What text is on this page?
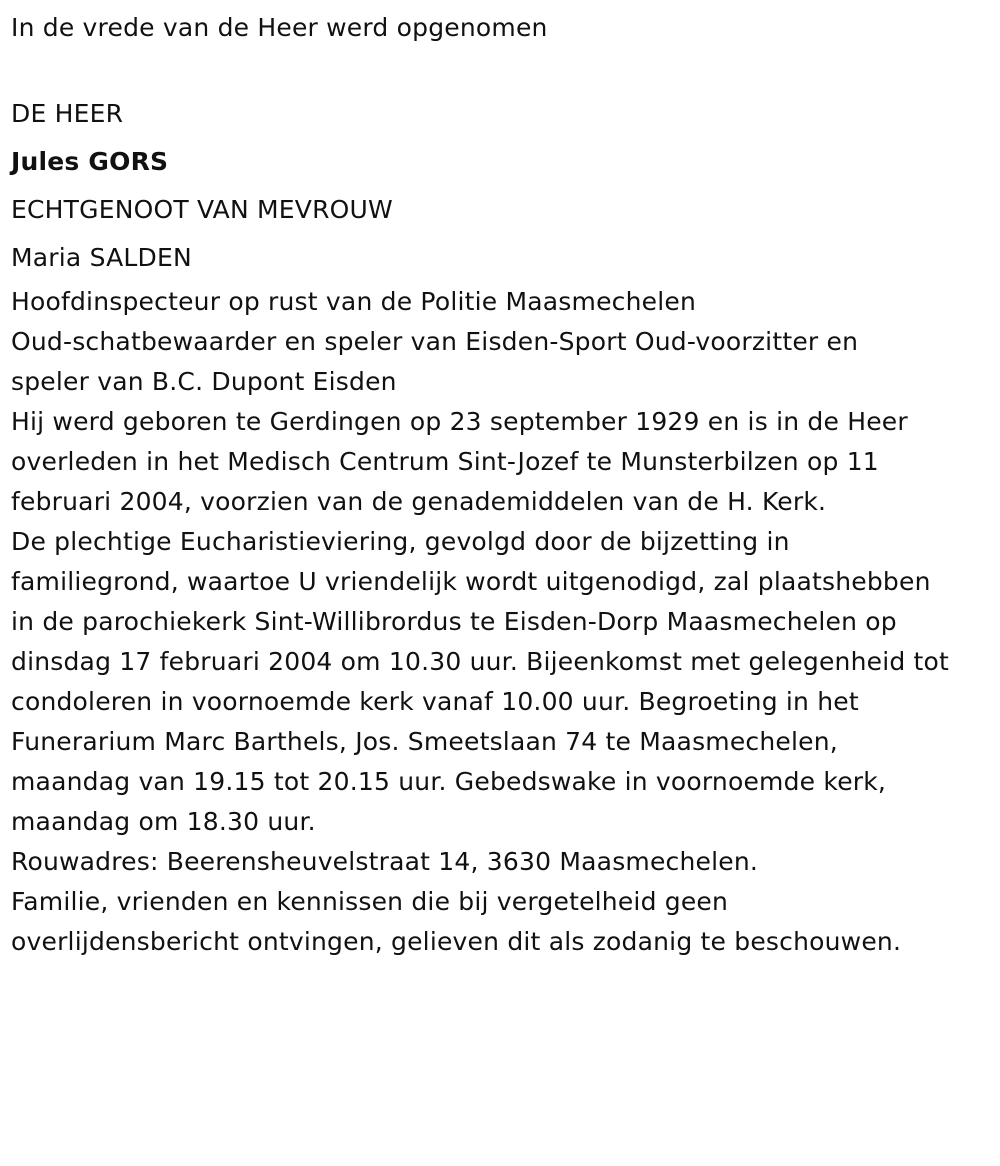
In de vrede van de Heer werd opgenomen
DE HEER
Jules GORS
ECHTGENOOT VAN MEVROUW
Maria SALDEN
Hoofdinspecteur op rust van de Politie Maasmechelen
Oud-schatbewaarder en speler van Eisden-Sport Oud-voorzitter en
speler van B.C. Dupont Eisden
Hij werd geboren te Gerdingen op 23 september 1929 en is in de Heer
overleden in het Medisch Centrum Sint-Jozef te Munsterbilzen op 11
februari 2004, voorzien van de genademiddelen van de H. Kerk.
De plechtige Eucharistieviering, gevolgd door de bijzetting in
familiegrond, waartoe U vriendelijk wordt uitgenodigd, zal plaatshebben
in de parochiekerk Sint-Willibrordus te Eisden-Dorp Maasmechelen op
dinsdag 17 februari 2004 om 10.30 uur. Bijeenkomst met gelegenheid tot
condoleren in voornoemde kerk vanaf 10.00 uur. Begroeting in het
Funerarium Marc Barthels, Jos. Smeetslaan 74 te Maasmechelen,
maandag van 19.15 tot 20.15 uur. Gebedswake in voornoemde kerk,
maandag om 18.30 uur.
Rouwadres: Beerensheuvelstraat 14, 3630 Maasmechelen.
Familie, vrienden en kennissen die bij vergetelheid geen
overlijdensbericht ontvingen, gelieven dit als zodanig te beschouwen.
